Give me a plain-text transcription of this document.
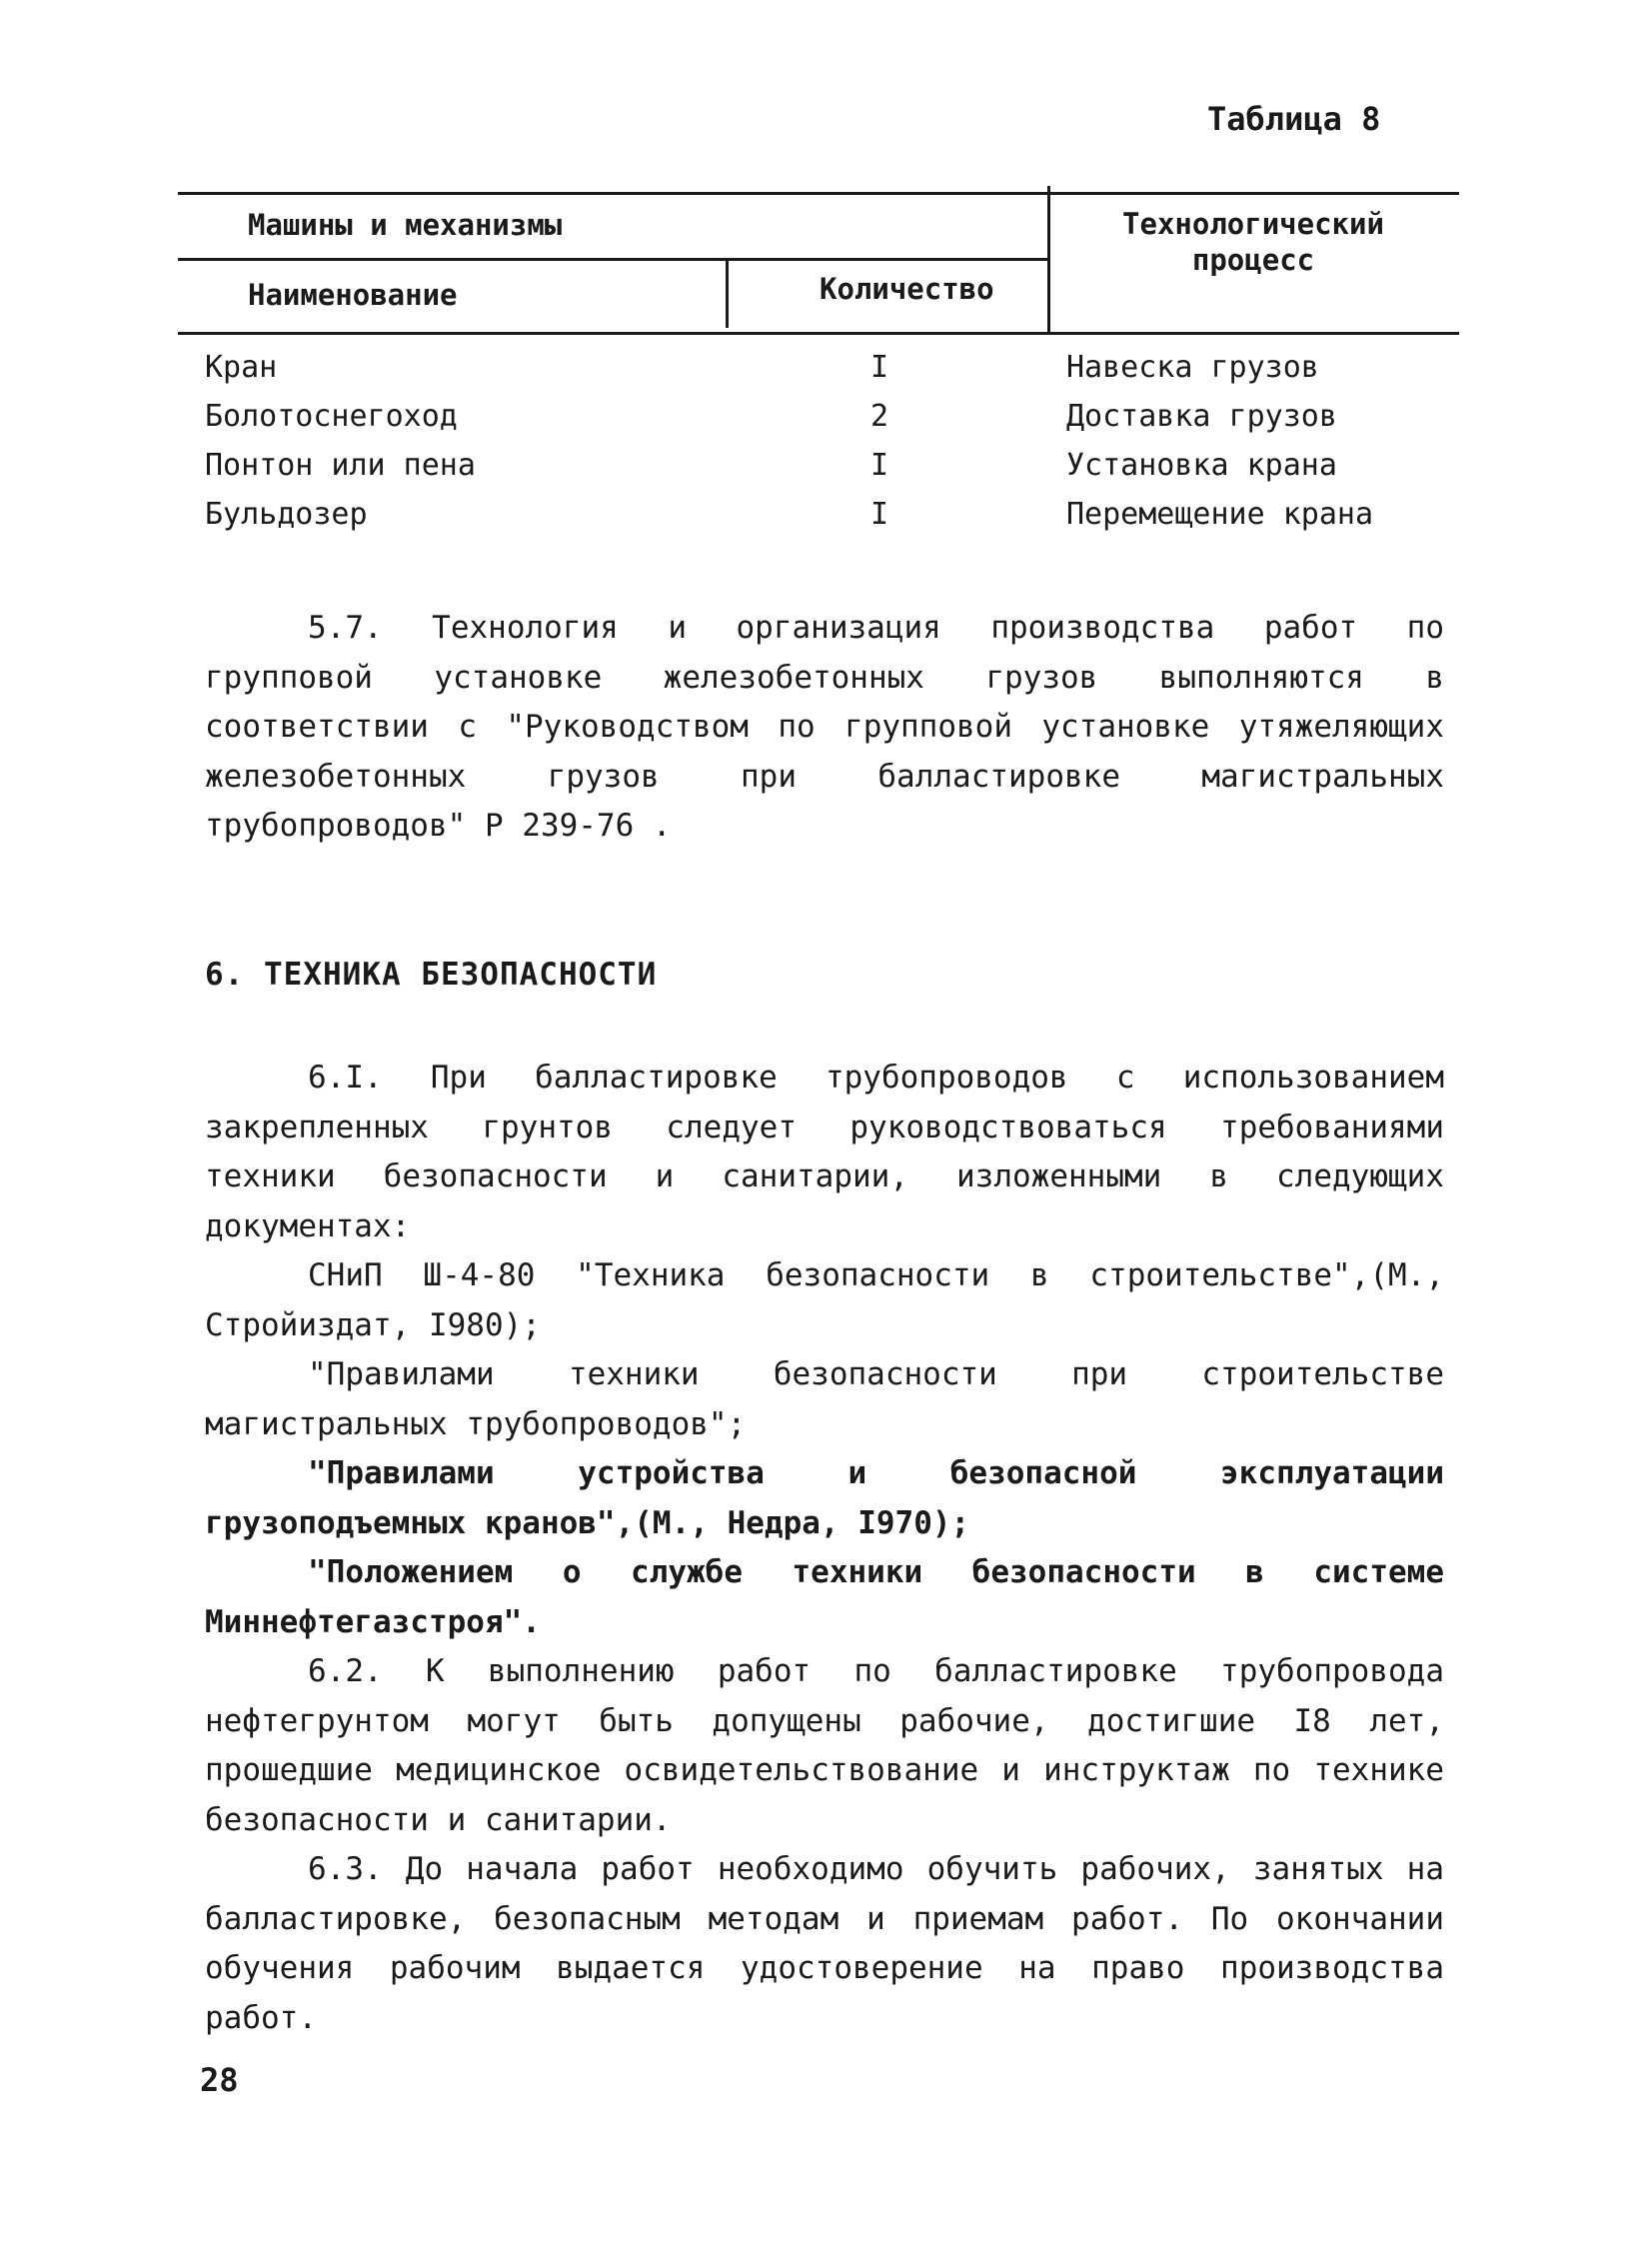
Таблица 8
Машины и механизмы
Наименование	Количество
Технологический процесс
Кран	I	Навеска грузов
Болотоснегоход	2	Доставка грузов
Понтон или пена	I	Установка крана
Бульдозер	I	Перемещение крана

5.7. Технология и организация производства работ по групповой установке железобетонных грузов выполняются в соответствии с "Руководством по групповой установке утяжеляющих железобетонных грузов при балластировке магистральных трубопроводов" Р 239-76 .

6. ТЕХНИКА БЕЗОПАСНОСТИ

6.I. При балластировке трубопроводов с использованием закрепленных грунтов следует руководствоваться требованиями техники безопасности и санитарии, изложенными в следующих документах:

СНиП Ш-4-80 "Техника безопасности в строительстве",(М., Стройиздат, I980);

"Правилами техники безопасности при строительстве магистральных трубопроводов";

"Правилами устройства и безопасной эксплуатации грузоподъемных кранов",(М., Недра, I970);

"Положением о службе техники безопасности в системе Миннефтегазстроя".

6.2. К выполнению работ по балластировке трубопровода нефтегрунтом могут быть допущены рабочие, достигшие I8 лет, прошедшие медицинское освидетельствование и инструктаж по технике безопасности и санитарии.

6.3. До начала работ необходимо обучить рабочих, занятых на балластировке, безопасным методам и приемам работ. По окончании обучения рабочим выдается удостоверение на право производства работ.

28
